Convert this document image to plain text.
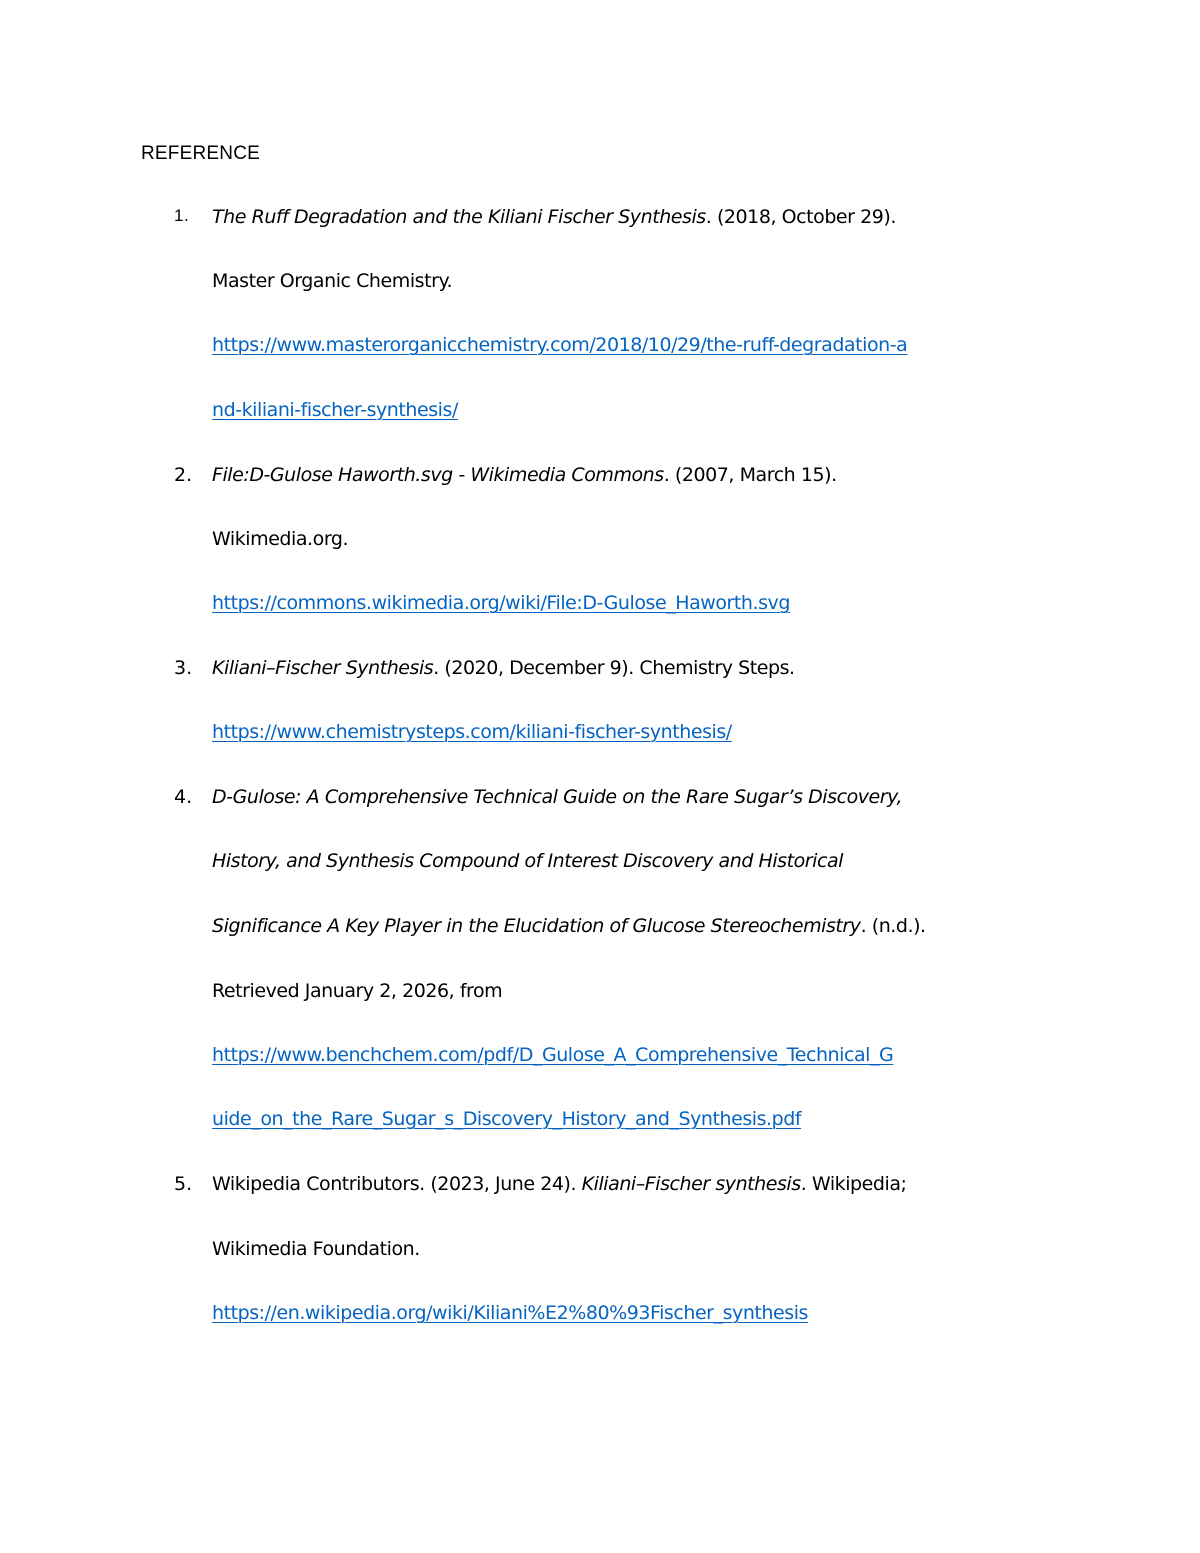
REFERENCE
1. The Ruff Degradation and the Kiliani Fischer Synthesis. (2018, October 29).
Master Organic Chemistry.
https://www.masterorganicchemistry.com/2018/10/29/the-ruff-degradation-a
nd-kiliani-fischer-synthesis/
2. File:D-Gulose Haworth.svg - Wikimedia Commons. (2007, March 15).
Wikimedia.org.
https://commons.wikimedia.org/wiki/File:D-Gulose_Haworth.svg
3. Kiliani–Fischer Synthesis. (2020, December 9). Chemistry Steps.
https://www.chemistrysteps.com/kiliani-fischer-synthesis/
4. D-Gulose: A Comprehensive Technical Guide on the Rare Sugar’s Discovery,
History, and Synthesis Compound of Interest Discovery and Historical
Significance A Key Player in the Elucidation of Glucose Stereochemistry. (n.d.).
Retrieved January 2, 2026, from
https://www.benchchem.com/pdf/D_Gulose_A_Comprehensive_Technical_G
uide_on_the_Rare_Sugar_s_Discovery_History_and_Synthesis.pdf
5. Wikipedia Contributors. (2023, June 24). Kiliani–Fischer synthesis. Wikipedia;
Wikimedia Foundation.
https://en.wikipedia.org/wiki/Kiliani%E2%80%93Fischer_synthesis
